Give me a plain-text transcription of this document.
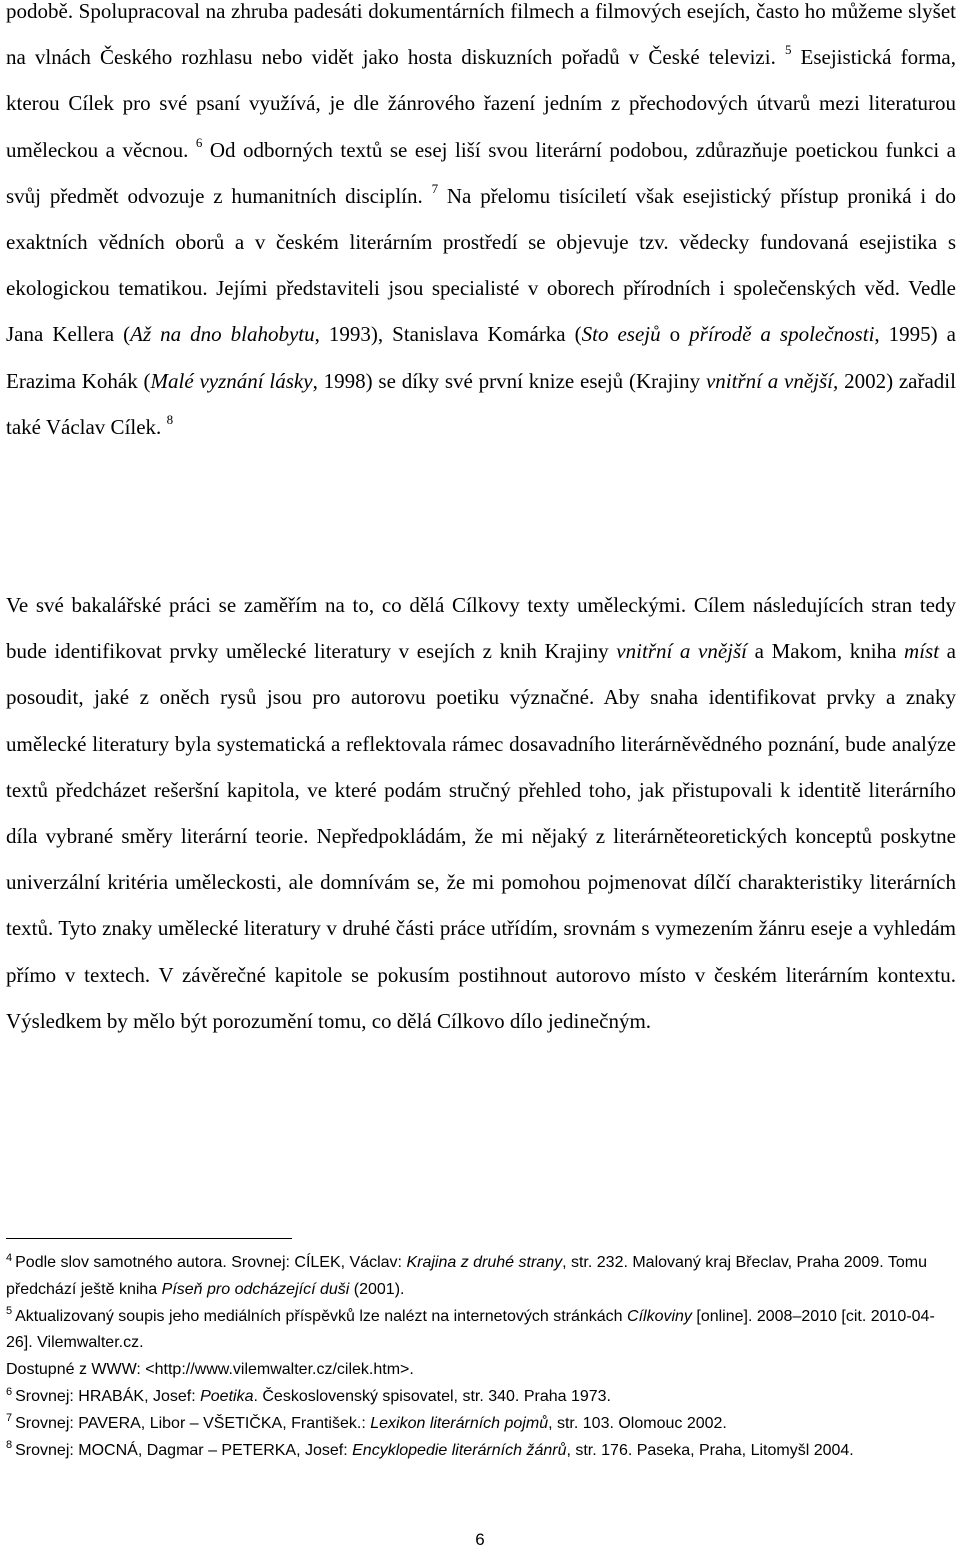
podobě. Spolupracoval na zhruba padesáti dokumentárních filmech a filmových esejích, často ho můžeme slyšet na vlnách Českého rozhlasu nebo vidět jako hosta diskuzních pořadů v České televizi. $^5$ Esejistická forma, kterou Cílek pro své psaní využívá, je dle žánrového řazení jedním z přechodových útvarů mezi literaturou uměleckou a věcnou. $^6$ Od odborných textů se esej liší svou literární podobou, zdůrazňuje poetickou funkci a svůj předmět odvozuje z humanitních disciplín. $^7$ Na přelomu tisíciletí však esejistický přístup proniká i do exaktních vědních oborů a v českém literárním prostředí se objevuje tzv. vědecky fundovaná esejistika s ekologickou tematikou. Jejími představiteli jsou specialisté v oborech přírodních i společenských věd. Vedle Jana Kellera (Až na dno blahobytu, 1993), Stanislava Komárka (Sto esejů o přírodě a společnosti, 1995) a Erazima Kohák (Malé vyznání lásky, 1998) se díky své první knize esejů (Krajiny vnitřní a vnější, 2002) zařadil také Václav Cílek. $^8$

Ve své bakalářské práci se zaměřím na to, co dělá Cílkovy texty uměleckými. Cílem následujících stran tedy bude identifikovat prvky umělecké literatury v esejích z knih Krajiny vnitřní a vnější a Makom, kniha míst a posoudit, jaké z oněch rysů jsou pro autorovu poetiku význačné. Aby snaha identifikovat prvky a znaky umělecké literatury byla systematická a reflektovala rámec dosavadního literárněvědného poznání, bude analýze textů předcházet rešeršní kapitola, ve které podám stručný přehled toho, jak přistupovali k identitě literárního díla vybrané směry literární teorie. Nepředpokládám, že mi nějaký z literárněteoretických konceptů poskytne univerzální kritéria uměleckosti, ale domnívám se, že mi pomohou pojmenovat dílčí charakteristiky literárních textů. Tyto znaky umělecké literatury v druhé části práce utřídím, srovnám s vymezením žánru eseje a vyhledám přímo v textech. V závěrečné kapitole se pokusím postihnout autorovo místo v českém literárním kontextu. Výsledkem by mělo být porozumění tomu, co dělá Cílkovo dílo jedinečným.

$^4$ Podle slov samotného autora. Srovnej: CÍLEK, Václav: Krajina z druhé strany, str. 232. Malovaný kraj Břeclav, Praha 2009. Tomu předchází ještě kniha Píseň pro odcházející duši (2001).

$^5$ Aktualizovaný soupis jeho mediálních příspěvků lze nalézt na internetových stránkách Cílkoviny [online]. 2008–2010 [cit. 2010-04-26]. Vilemwalter.cz.
Dostupné z WWW: <http://www.vilemwalter.cz/cilek.htm>.

$^6$ Srovnej: HRABÁK, Josef: Poetika. Československý spisovatel, str. 340. Praha 1973.

$^7$ Srovnej: PAVERA, Libor – VŠETIČKA, František.: Lexikon literárních pojmů, str. 103. Olomouc 2002.

$^8$ Srovnej: MOCNÁ, Dagmar – PETERKA, Josef: Encyklopedie literárních žánrů, str. 176. Paseka, Praha, Litomyšl 2004.

6
